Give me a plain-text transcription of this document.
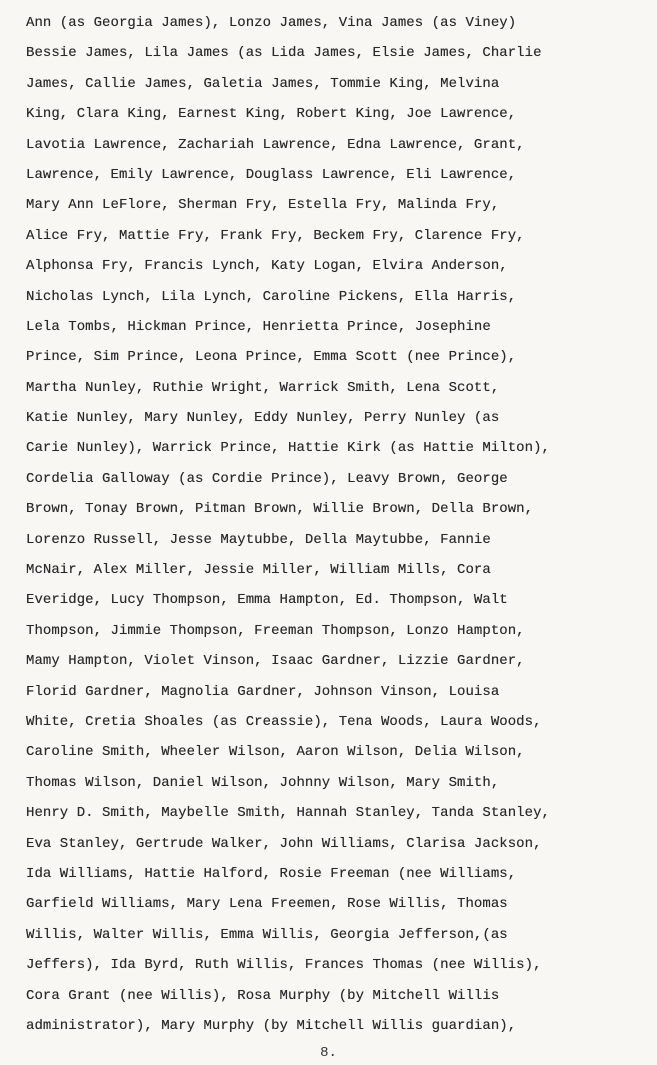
Ann (as Georgia James), Lonzo James, Vina James (as Viney)
Bessie James, Lila James (as Lida James, Elsie James, Charlie
James, Callie James, Galetia James, Tommie King, Melvina
King, Clara King, Earnest King, Robert King, Joe Lawrence,
Lavotia Lawrence, Zachariah Lawrence, Edna Lawrence, Grant,
Lawrence, Emily Lawrence, Douglass Lawrence, Eli Lawrence,
Mary Ann LeFlore, Sherman Fry, Estella Fry, Malinda Fry,
Alice Fry, Mattie Fry, Frank Fry, Beckem Fry, Clarence Fry,
Alphonsa Fry, Francis Lynch, Katy Logan, Elvira Anderson,
Nicholas Lynch, Lila Lynch, Caroline Pickens, Ella Harris,
Lela Tombs, Hickman Prince, Henrietta Prince, Josephine
Prince, Sim Prince, Leona Prince, Emma Scott (nee Prince),
Martha Nunley, Ruthie Wright, Warrick Smith, Lena Scott,
Katie Nunley, Mary Nunley, Eddy Nunley, Perry Nunley (as
Carie Nunley), Warrick Prince, Hattie Kirk (as Hattie Milton),
Cordelia Galloway (as Cordie Prince), Leavy Brown, George
Brown, Tonay Brown, Pitman Brown, Willie Brown, Della Brown,
Lorenzo Russell, Jesse Maytubbe, Della Maytubbe, Fannie
McNair, Alex Miller, Jessie Miller, William Mills, Cora
Everidge, Lucy Thompson, Emma Hampton, Ed. Thompson, Walt
Thompson, Jimmie Thompson, Freeman Thompson, Lonzo Hampton,
Mamy Hampton, Violet Vinson, Isaac Gardner, Lizzie Gardner,
Florid Gardner, Magnolia Gardner, Johnson Vinson, Louisa
White, Cretia Shoales (as Creassie), Tena Woods, Laura Woods,
Caroline Smith, Wheeler Wilson, Aaron Wilson, Delia Wilson,
Thomas Wilson, Daniel Wilson, Johnny Wilson, Mary Smith,
Henry D. Smith, Maybelle Smith, Hannah Stanley, Tanda Stanley,
Eva Stanley, Gertrude Walker, John Williams, Clarisa Jackson,
Ida Williams, Hattie Halford, Rosie Freeman (nee Williams,
Garfield Williams, Mary Lena Freemen, Rose Willis, Thomas
Willis, Walter Willis, Emma Willis, Georgia Jefferson,(as
Jeffers), Ida Byrd, Ruth Willis, Frances Thomas (nee Willis),
Cora Grant (nee Willis), Rosa Murphy (by Mitchell Willis
administrator), Mary Murphy (by Mitchell Willis guardian),
8.
